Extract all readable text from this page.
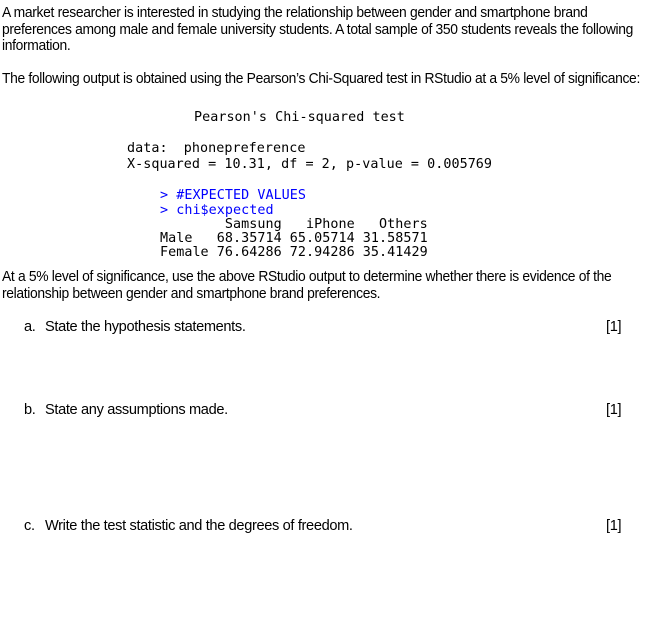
A market researcher is interested in studying the relationship between gender and smartphone brand preferences among male and female university students. A total sample of 350 students reveals the following information.
The following output is obtained using the Pearson’s Chi-Squared test in RStudio at a 5% level of significance:
Pearson's Chi-squared test
data:  phonepreference
X-squared = 10.31, df = 2, p-value = 0.005769
> #EXPECTED VALUES
> chi$expected
Samsung   iPhone   Others
Male   68.35714 65.05714 31.58571
Female 76.64286 72.94286 35.41429
At a 5% level of significance, use the above RStudio output to determine whether there is evidence of the relationship between gender and smartphone brand preferences.
a. State the hypothesis statements.	[1]
b. State any assumptions made.	[1]
c. Write the test statistic and the degrees of freedom.	[1]
